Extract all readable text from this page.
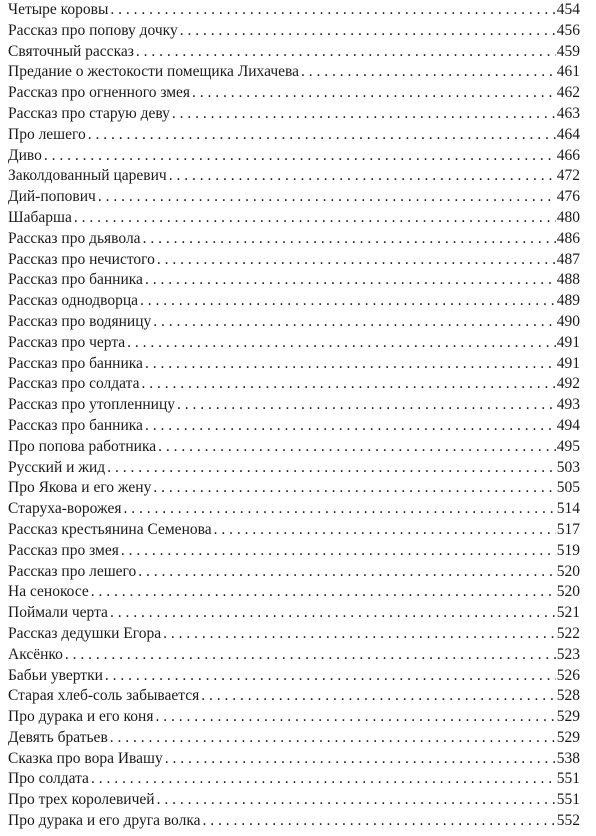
Четыре коровы . . .	454
Рассказ про попову дочку . . .	456
Святочный рассказ . . .	459
Предание о жестокости помещика Лихачева . . .	461
Рассказ про огненного змея . . .	462
Рассказ про старую деву . . .	463
Про лешего . . .	464
Диво . . .	466
Заколдованный царевич . . .	472
Дий-попович . . .	476
Шабарша . . .	480
Рассказ про дьявола . . .	486
Рассказ про нечистого . . .	487
Рассказ про банника . . .	488
Рассказ однодворца . . .	489
Рассказ про водяницу . . .	490
Рассказ про черта . . .	491
Рассказ про банника . . .	491
Рассказ про солдата . . .	492
Рассказ про утопленницу . . .	493
Рассказ про банника . . .	494
Про попова работника . . .	495
Русский и жид . . .	503
Про Якова и его жену . . .	505
Старуха-ворожея . . .	514
Рассказ крестьянина Семенова . . .	517
Рассказ про змея . . .	519
Рассказ про лешего . . .	520
На сенокосе . . .	520
Поймали черта . . .	521
Рассказ дедушки Егора . . .	522
Аксёнко . . .	523
Бабьи увертки . . .	526
Старая хлеб-соль забывается . . .	528
Про дурака и его коня . . .	529
Девять братьев . . .	529
Сказка про вора Ивашу . . .	538
Про солдата . . .	551
Про трех королевичей . . .	551
Про дурака и его друга волка . . .	552
